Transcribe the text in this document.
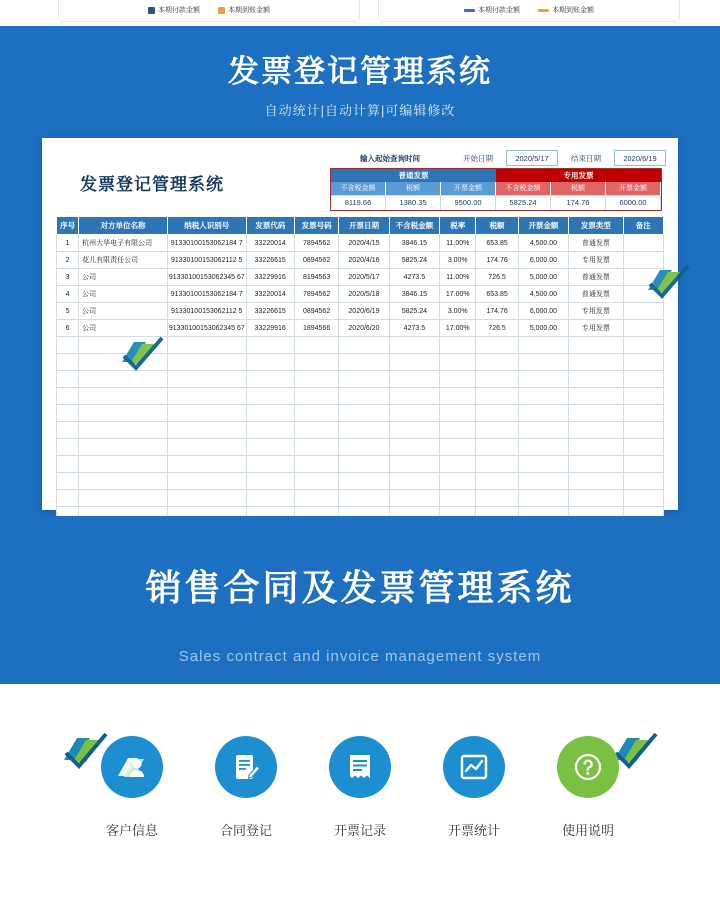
本期付款金额	本期到账金额	本期付款金额	本期到账金额
发票登记管理系统
自动统计|自动计算|可编辑修改
发票登记管理系统
输入起始查询时间	开始日期	2020/5/17	结束日期	2020/6/19
普通发票	专用发票
不含税金额	税额	开票金额	不含税金额	税额	开票金额
8119.66	1380.35	9500.00	5825.24	174.76	6000.00
序号	对方单位名称	纳税人识别号	发票代码	发票号码	开票日期	不含税金额	税率	税额	开票金额	发票类型	备注
1	杭州大华电子有限公司	91330100153062184 7	33220014	7894562	2020/4/15	3846.15	11.00%	653.85	4,500.00	普通发票	
2	花儿有限责任公司	91330100153062112 5	33226615	0894562	2020/4/16	5825.24	3.00%	174.76	6,000.00	专用发票	
3	公司	91330100153062345 67	33229916	8194563	2020/5/17	4273.5	11.00%	726.5	5,000.00	普通发票	
4	公司	91330100153062184 7	33220014	7894562	2020/5/18	3846.15	17.00%	653.85	4,500.00	普通发票	
5	公司	91330100153062112 5	33226615	0894562	2020/6/19	5825.24	3.00%	174.76	6,000.00	专用发票	
6	公司	91330100153062345 67	33229916	1894566	2020/6/20	4273.5	17.00%	726.5	5,000.00	专用发票	

销售合同及发票管理系统
Sales contract and invoice management system
客户信息	合同登记	开票记录	开票统计	使用说明
